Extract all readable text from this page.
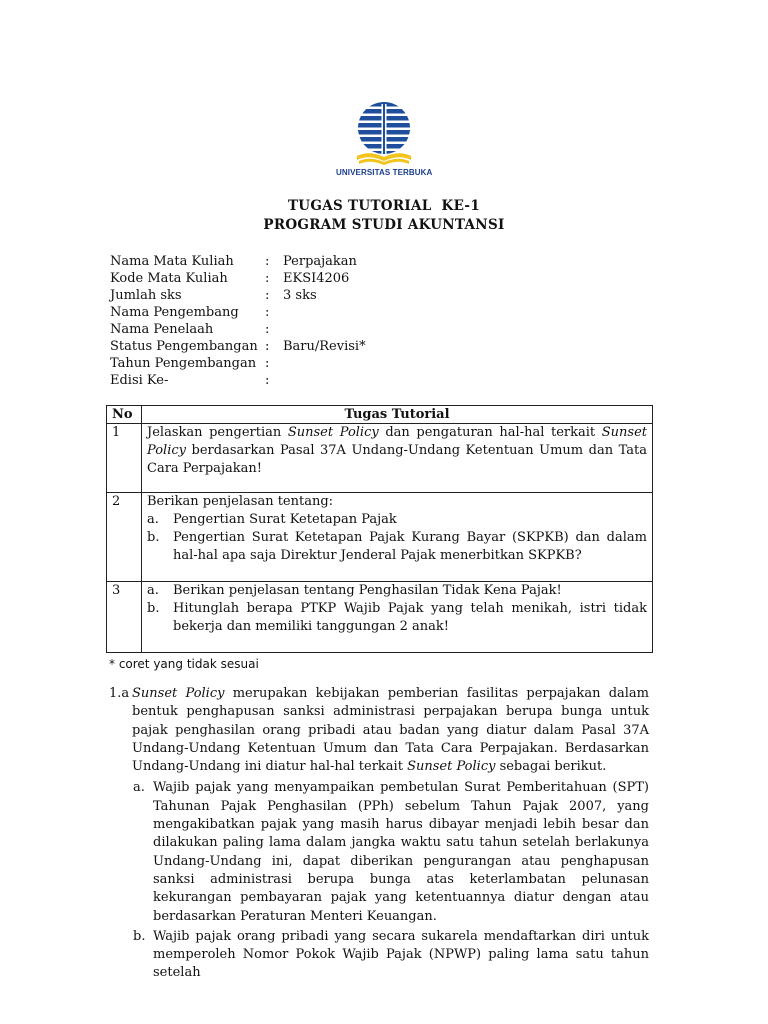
UNIVERSITAS TERBUKA
TUGAS TUTORIAL  KE-1
PROGRAM STUDI AKUNTANSI
Nama Mata Kuliah : Perpajakan
Kode Mata Kuliah	: EKSI4206
Jumlah sks	: 3 sks
Nama Pengembang :
Nama Penelaah	:
Status Pengembangan : Baru/Revisi*
Tahun Pengembangan :
Edisi Ke-	:
No	Tugas Tutorial
1	Jelaskan pengertian Sunset Policy dan pengaturan hal-hal terkait Sunset Policy berdasarkan Pasal 37A Undang-Undang Ketentuan Umum dan Tata Cara Perpajakan!
2	Berikan penjelasan tentang:
a. Pengertian Surat Ketetapan Pajak
b. Pengertian Surat Ketetapan Pajak Kurang Bayar (SKPKB) dan dalam hal-hal apa saja Direktur Jenderal Pajak menerbitkan SKPKB?

3	a. Berikan penjelasan tentang Penghasilan Tidak Kena Pajak!
b. Hitunglah berapa PTKP Wajib Pajak yang telah menikah, istri tidak bekerja dan memiliki tanggungan 2 anak!
* coret yang tidak sesuai
1.a Sunset Policy merupakan kebijakan pemberian fasilitas perpajakan dalam bentuk penghapusan sanksi administrasi perpajakan berupa bunga untuk pajak penghasilan orang pribadi atau badan yang diatur dalam Pasal 37A Undang-Undang Ketentuan Umum dan Tata Cara Perpajakan. Berdasarkan Undang-Undang ini diatur hal-hal terkait Sunset Policy sebagai berikut.
a. Wajib pajak yang menyampaikan pembetulan Surat Pemberitahuan (SPT) Tahunan Pajak Penghasilan (PPh) sebelum Tahun Pajak 2007, yang mengakibatkan pajak yang masih harus dibayar menjadi lebih besar dan dilakukan paling lama dalam jangka waktu satu tahun setelah berlakunya Undang-Undang ini, dapat diberikan pengurangan atau penghapusan sanksi administrasi berupa bunga atas keterlambatan pelunasan kekurangan pembayaran pajak yang ketentuannya diatur dengan atau berdasarkan Peraturan Menteri Keuangan.
b. Wajib pajak orang pribadi yang secara sukarela mendaftarkan diri untuk memperoleh Nomor Pokok Wajib Pajak (NPWP) paling lama satu tahun setelah
